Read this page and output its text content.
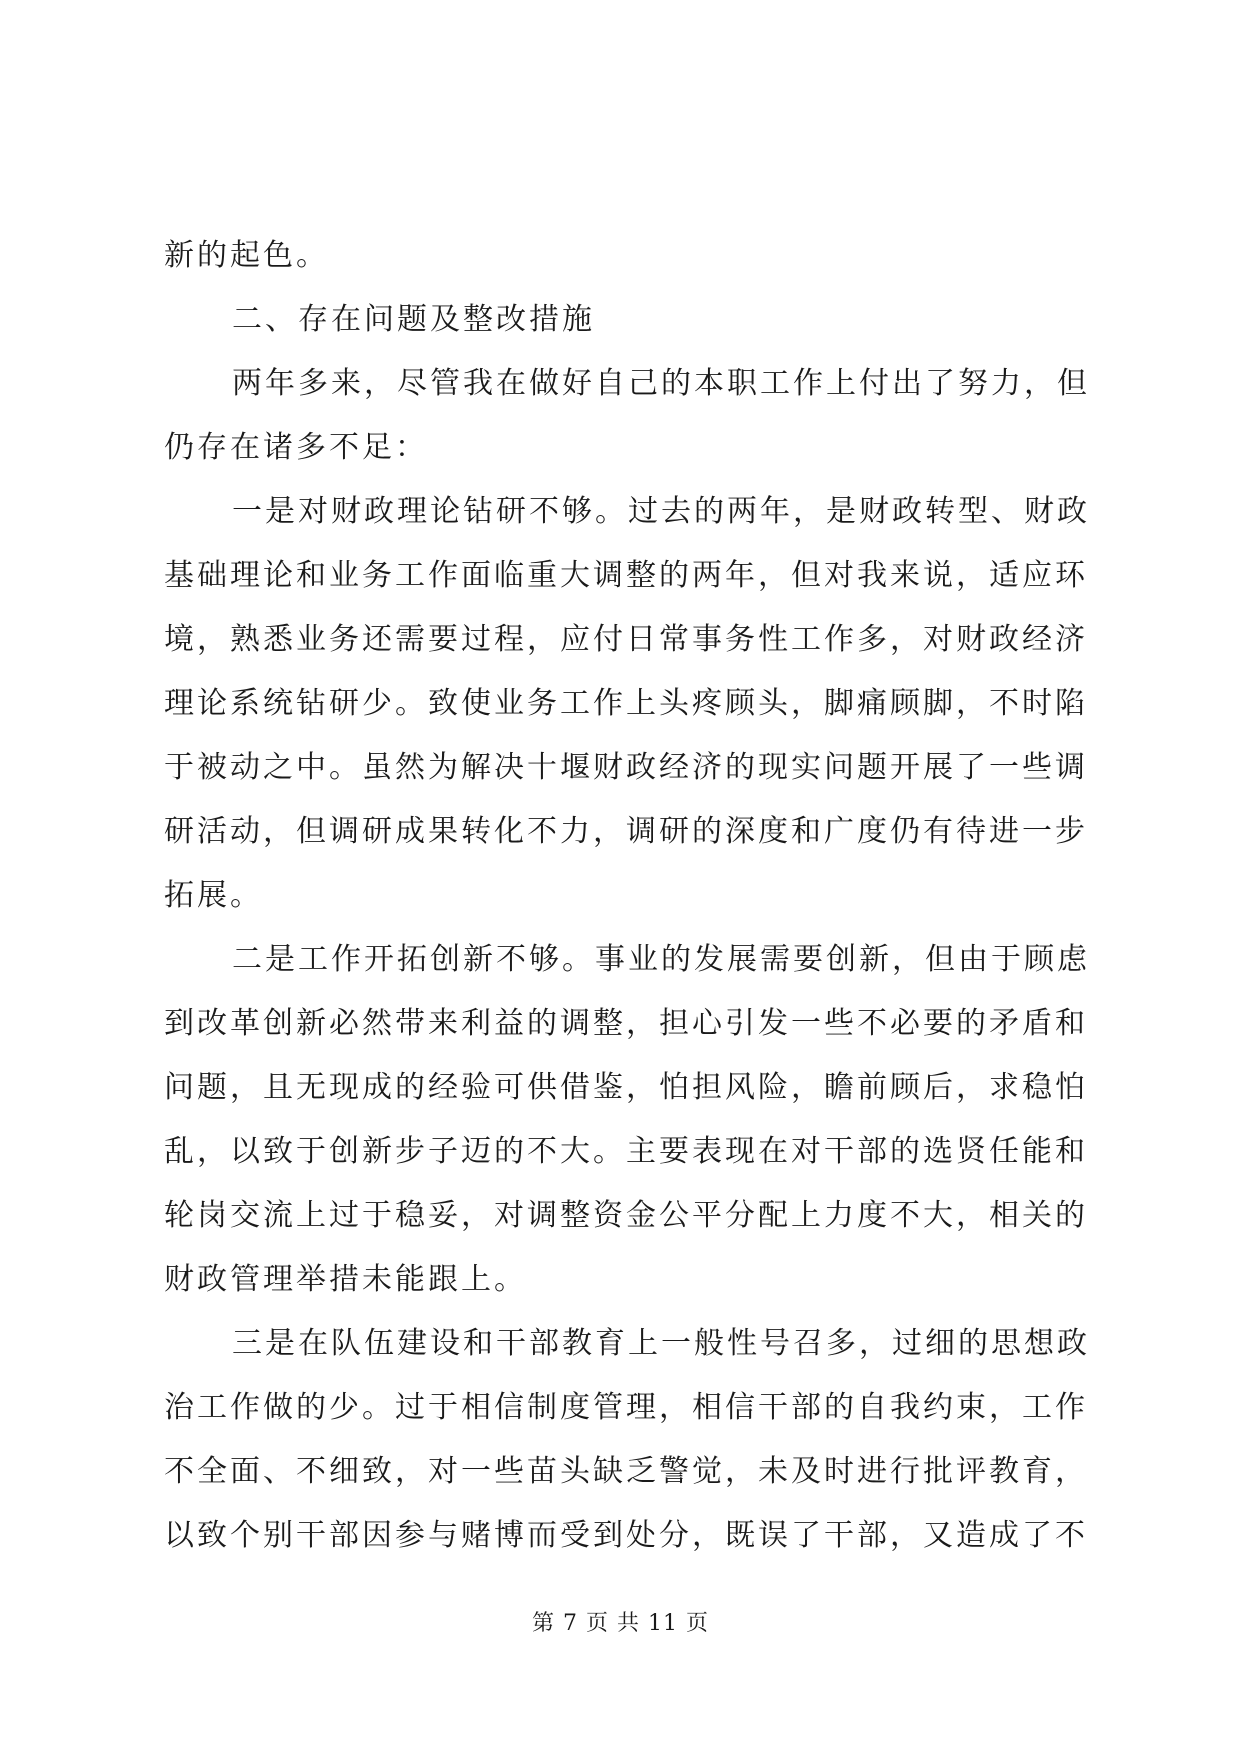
新的起色。
二、存在问题及整改措施
两年多来，尽管我在做好自己的本职工作上付出了努力，但
仍存在诸多不足：
一是对财政理论钻研不够。过去的两年，是财政转型、财政
基础理论和业务工作面临重大调整的两年，但对我来说，适应环
境，熟悉业务还需要过程，应付日常事务性工作多，对财政经济
理论系统钻研少。致使业务工作上头疼顾头，脚痛顾脚，不时陷
于被动之中。虽然为解决十堰财政经济的现实问题开展了一些调
研活动，但调研成果转化不力，调研的深度和广度仍有待进一步
拓展。
二是工作开拓创新不够。事业的发展需要创新，但由于顾虑
到改革创新必然带来利益的调整，担心引发一些不必要的矛盾和
问题，且无现成的经验可供借鉴，怕担风险，瞻前顾后，求稳怕
乱，以致于创新步子迈的不大。主要表现在对干部的选贤任能和
轮岗交流上过于稳妥，对调整资金公平分配上力度不大，相关的
财政管理举措未能跟上。
三是在队伍建设和干部教育上一般性号召多，过细的思想政
治工作做的少。过于相信制度管理，相信干部的自我约束，工作
不全面、不细致，对一些苗头缺乏警觉，未及时进行批评教育，
以致个别干部因参与赌博而受到处分，既误了干部，又造成了不
第 7 页 共 11 页
